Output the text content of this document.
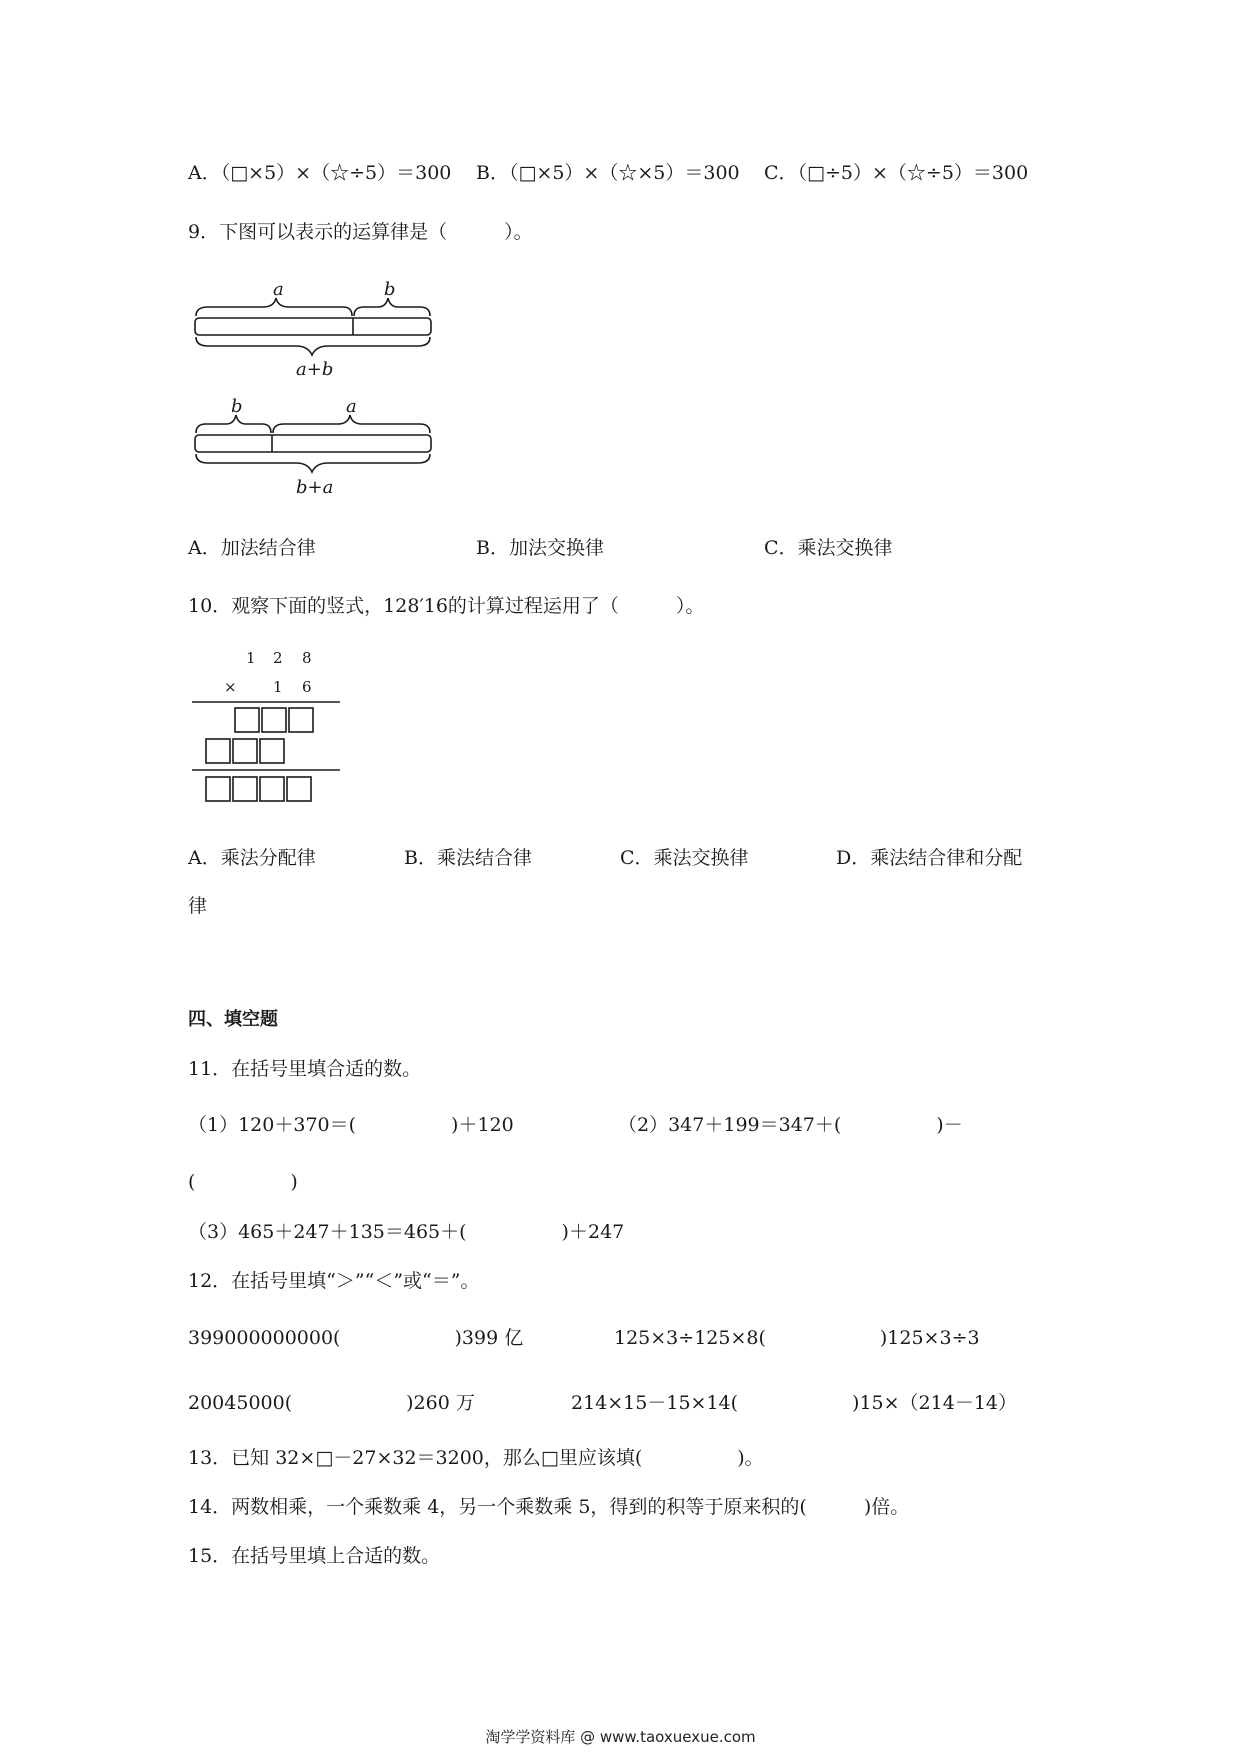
A．（□×5）×（☆÷5）＝300 B．（□×5）×（☆×5）＝300 C．（□÷5）×（☆÷5）＝300
9．下图可以表示的运算律是（　　　）。
a	b
a+b
b	a
b+a
A．加法结合律	B．加法交换律	C．乘法交换律
10．观察下面的竖式，128′16的计算过程运用了（　　　）。
1 2 8
× 1 6
A．乘法分配律	B．乘法结合律	C．乘法交换律	D．乘法结合律和分配
律
四、填空题
11．在括号里填合适的数。
（1）120＋370＝(　　　　　)＋120	（2）347＋199＝347＋(　　　　　)－
(　　　　　)
（3）465＋247＋135＝465＋(　　　　　)＋247
12．在括号里填“＞”“＜”或“＝”。
399000000000(　　　　　　)399 亿	125×3÷125×8(　　　　　　)125×3÷3
20045000(　　　　　　)260 万	214×15－15×14(　　　　　　)15×（214－14）
13．已知 32×□－27×32＝3200，那么□里应该填(　　　　　)。
14．两数相乘，一个乘数乘 4，另一个乘数乘 5，得到的积等于原来积的(　　　)倍。
15．在括号里填上合适的数。
淘学学资料库 @ www.taoxuexue.com
